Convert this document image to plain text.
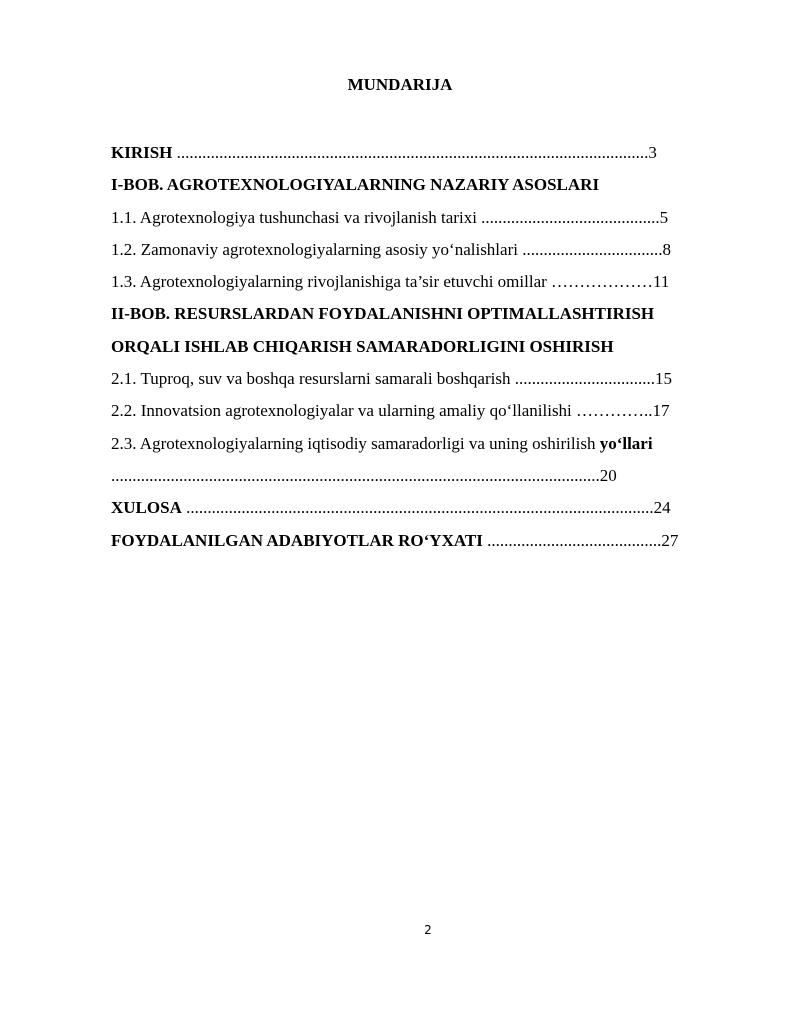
MUNDARIJA
KIRISH ...............................................................................................................3
I-BOB. AGROTEXNOLOGIYALARNING NAZARIY ASOSLARI
1.1. Agrotexnologiya tushunchasi va rivojlanish tarixi ..........................................5
1.2. Zamonaviy agrotexnologiyalarning asosiy yo‘nalishlari .................................8
1.3. Agrotexnologiyalarning rivojlanishiga ta’sir etuvchi omillar ………………11
II-BOB. RESURSLARDAN FOYDALANISHNI OPTIMALLASHTIRISH
ORQALI ISHLAB CHIQARISH SAMARADORLIGINI OSHIRISH
2.1. Tuproq, suv va boshqa resurslarni samarali boshqarish .................................15
2.2. Innovatsion agrotexnologiyalar va ularning amaliy qo‘llanilishi …………..17
2.3. Agrotexnologiyalarning iqtisodiy samaradorligi va uning oshirilish yo‘llari
...................................................................................................................20
XULOSA ..............................................................................................................24
FOYDALANILGAN ADABIYOTLAR RO‘YXATI .........................................27
2
